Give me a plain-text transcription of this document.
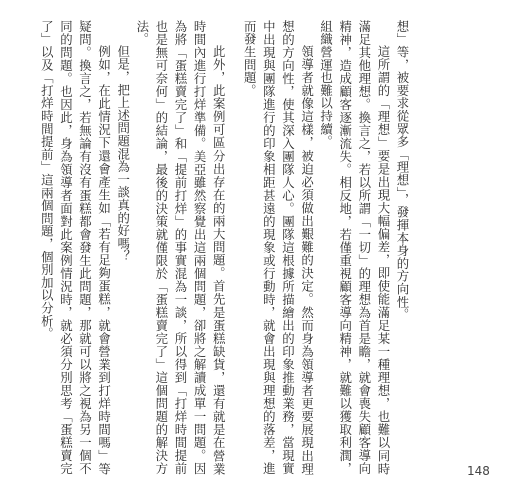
想」等，被要求從眾多「理想」，發揮本身的方向性。

這所謂的「理想」要是出現大幅偏差，即使能滿足某一種理想，也難以同時滿足其他理想。換言之，若以所謂「一切」的理想為首是瞻，就會喪失顧客導向精神，造成顧客逐漸流失。相反地，若僅重視顧客導向精神，就難以獲取利潤，組織營運也難以持續。

領導者就像這樣，被迫必須做出艱難的決定。然而身為領導者更要展現出理想的方向性，使其深入團隊人心。團隊這根據所描繪出的印象推動業務，當現實中出現與團隊進行的印象相距甚遠的現象或行動時，就會出現與理想的落差，進而發生問題。

此外，此案例可區分出存在的兩大問題。首先是蛋糕缺貨，還有就是在營業時間內進行打烊準備。美亞雖然察覺出這兩個問題，卻將之解讀成單一問題。因為將「蛋糕賣完了」和「提前打烊」的事實混為一談，所以得到「打烊時間提前也是無可奈何」的結論，最後的決策就僅限於「蛋糕賣完了」這個問題的解決方法。

但是，把上述問題混為一談真的好嗎？

例如，在此情況下還會產生如「若有足夠蛋糕，就會營業到打烊時間嗎」等疑問。換言之，若無論有沒有蛋糕都會發生此問題，那就可以將之視為另一個不同的問題。也因此，身為領導者面對此案例情況時，就必須分別思考「蛋糕賣完了」以及「打烊時間提前」這兩個問題，個別加以分析。

148
